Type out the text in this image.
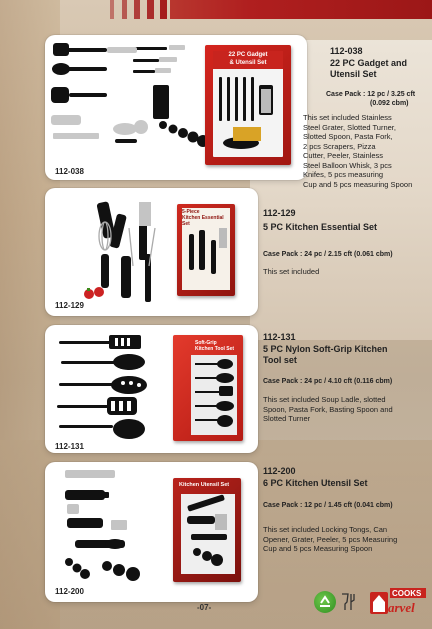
22 PC Gadget
& Utensil Set
112-038
112-038
22 PC Gadget and
Utensil Set
Case Pack : 12 pc / 3.25 cft
(0.092 cbm)
This set included Stainless
Steel Grater, Slotted Turner,
Slotted Spoon, Pasta Fork,
2 pcs Scrapers, Pizza
Cutter, Peeler, Stainless
Steel Balloon Whisk, 3 pcs
Knifes, 5 pcs measuring
Cup and 5 pcs measuring Spoon
5-Piece
Kitchen Essential Set
112-129
112-129
5 PC Kitchen Essential Set
Case Pack : 24 pc / 2.15 cft (0.061 cbm)
This set included
Soft-Grip
Kitchen Tool Set
112-131
112-131
5 PC Nylon Soft-Grip Kitchen
Tool set
Case Pack : 24 pc / 4.10 cft (0.116 cbm)
This set included Soup Ladle, slotted
Spoon, Pasta Fork, Basting Spoon and
Slotted Turner
Kitchen Utensil Set
112-200
112-200
6 PC Kitchen Utensil Set
Case Pack : 12 pc / 1.45 cft (0.041 cbm)
This set included Locking Tongs, Can
Opener, Grater, Peeler, 5 pcs Measuring
Cup and 5 pcs Measuring Spoon
-07-
COOKS
arvel
